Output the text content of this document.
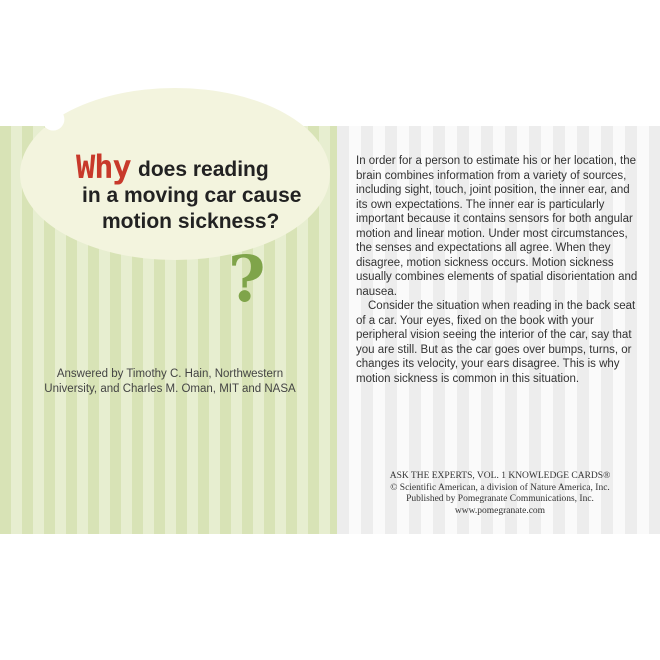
?
?
Why does reading
in a moving car cause
motion sickness?
Answered by Timothy C. Hain, Northwestern
University, and Charles M. Oman, MIT and NASA

In order for a person to estimate his or her location, the brain combines information from a variety of sources, including sight, touch, joint position, the inner ear, and its own expectations. The inner ear is particularly important because it contains sensors for both angular motion and linear motion. Under most circumstances, the senses and expectations all agree. When they disagree, motion sickness occurs. Motion sickness usually combines elements of spatial disorientation and nausea.

Consider the situation when reading in the back seat of a car. Your eyes, fixed on the book with your peripheral vision seeing the interior of the car, say that you are still. But as the car goes over bumps, turns, or changes its velocity, your ears disagree. This is why motion sickness is common in this situation.

ASK THE EXPERTS, VOL. 1 KNOWLEDGE CARDS®
© Scientific American, a division of Nature America, Inc.
Published by Pomegranate Communications, Inc.
www.pomegranate.com
